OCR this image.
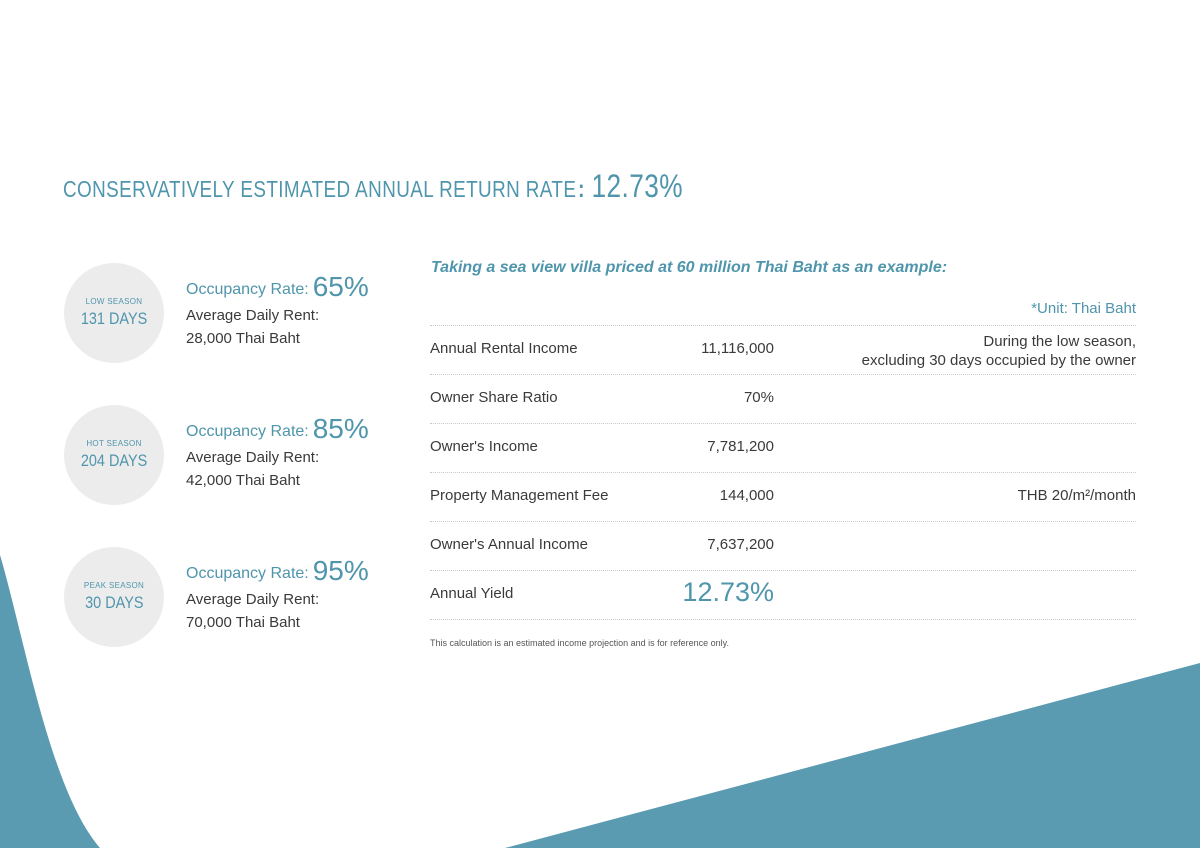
CONSERVATIVELY ESTIMATED ANNUAL RETURN RATE: 12.73%
LOW SEASON
131 DAYS
Occupancy Rate: 65%
Average Daily Rent:
28,000 Thai Baht
HOT SEASON
204 DAYS
Occupancy Rate: 85%
Average Daily Rent:
42,000 Thai Baht
PEAK SEASON
30 DAYS
Occupancy Rate: 95%
Average Daily Rent:
70,000 Thai Baht
Taking a sea view villa priced at 60 million Thai Baht as an example:
*Unit: Thai Baht
Annual Rental Income	11,116,000	During the low season,
excluding 30 days occupied by the owner
Owner Share Ratio	70%
Owner's Income	7,781,200
Property Management Fee	144,000	THB 20/m²/month
Owner's Annual Income	7,637,200
Annual Yield	12.73%
This calculation is an estimated income projection and is for reference only.
